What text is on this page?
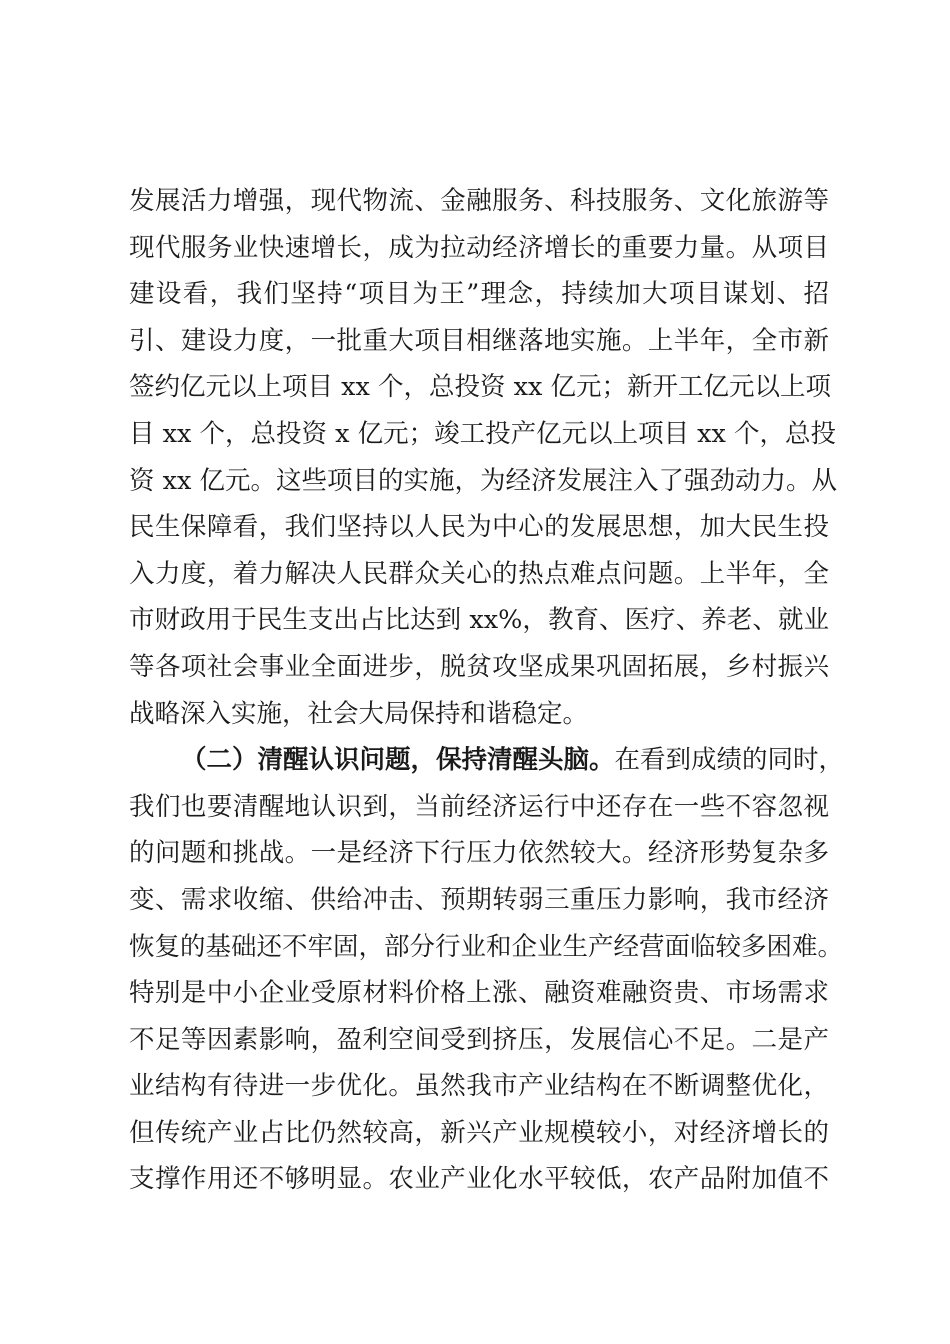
发展活力增强，现代物流、金融服务、科技服务、文化旅游等
现代服务业快速增长，成为拉动经济增长的重要力量。从项目
建设看，我们坚持“项目为王”理念，持续加大项目谋划、招
引、建设力度，一批重大项目相继落地实施。上半年，全市新
签约亿元以上项目 xx 个，总投资 xx 亿元；新开工亿元以上项
目 xx 个，总投资 x 亿元；竣工投产亿元以上项目 xx 个，总投
资 xx 亿元。这些项目的实施，为经济发展注入了强劲动力。从
民生保障看，我们坚持以人民为中心的发展思想，加大民生投
入力度，着力解决人民群众关心的热点难点问题。上半年，全
市财政用于民生支出占比达到 xx%，教育、医疗、养老、就业
等各项社会事业全面进步，脱贫攻坚成果巩固拓展，乡村振兴
战略深入实施，社会大局保持和谐稳定。
（二）清醒认识问题，保持清醒头脑。在看到成绩的同时，
我们也要清醒地认识到，当前经济运行中还存在一些不容忽视
的问题和挑战。一是经济下行压力依然较大。经济形势复杂多
变、需求收缩、供给冲击、预期转弱三重压力影响，我市经济
恢复的基础还不牢固，部分行业和企业生产经营面临较多困难。
特别是中小企业受原材料价格上涨、融资难融资贵、市场需求
不足等因素影响，盈利空间受到挤压，发展信心不足。二是产
业结构有待进一步优化。虽然我市产业结构在不断调整优化，
但传统产业占比仍然较高，新兴产业规模较小，对经济增长的
支撑作用还不够明显。农业产业化水平较低，农产品附加值不
